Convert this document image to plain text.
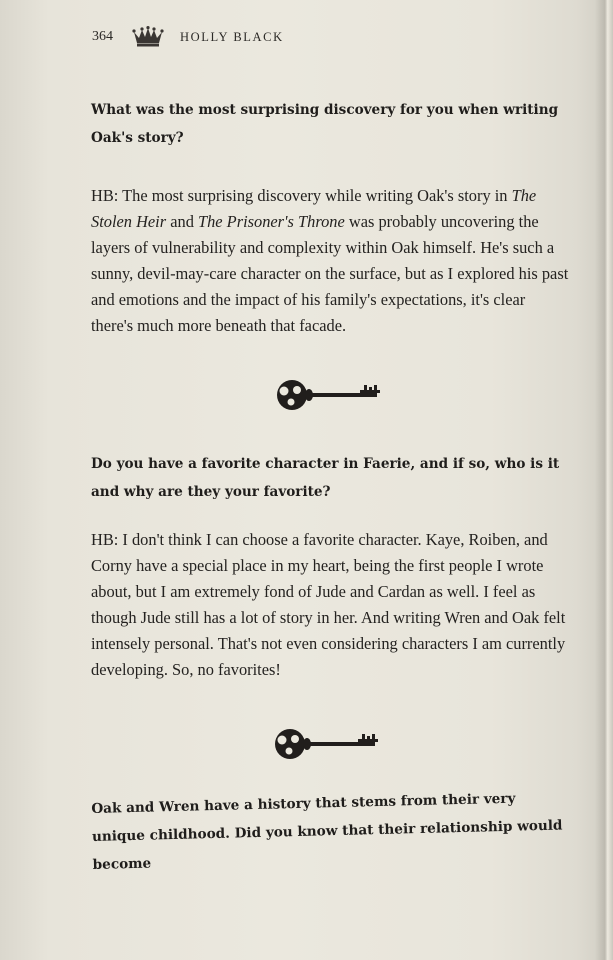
364	HOLLY BLACK

What was the most surprising discovery for you when writing Oak's story?

HB: The most surprising discovery while writing Oak's story in The Stolen Heir and The Prisoner's Throne was probably uncovering the layers of vulnerability and complexity within Oak himself. He's such a sunny, devil-may-care character on the surface, but as I explored his past and emotions and the impact of his family's expectations, it's clear there's much more beneath that facade.

Do you have a favorite character in Faerie, and if so, who is it and why are they your favorite?

HB: I don't think I can choose a favorite character. Kaye, Roiben, and Corny have a special place in my heart, being the first people I wrote about, but I am extremely fond of Jude and Cardan as well. I feel as though Jude still has a lot of story in her. And writing Wren and Oak felt intensely personal. That's not even considering characters I am currently developing. So, no favorites!

Oak and Wren have a history that stems from their very unique childhood. Did you know that their relationship would become
